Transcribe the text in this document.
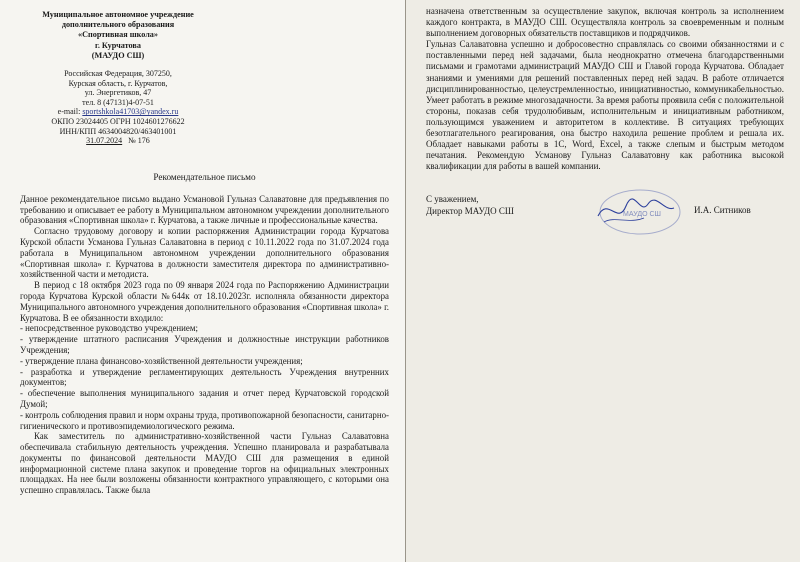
Муниципальное автономное учреждение
дополнительного образования
«Спортивная школа»
г. Курчатова
(МАУДО СШ)
Российская Федерация, 307250,
Курская область, г. Курчатов,
ул. Энергетиков, 47
тел. 8 (47131)4-07-51
e-mail: sportshkola41703@yandex.ru
ОКПО 23024405 ОГРН 1024601276622
ИНН/КПП 4634004820/463401001
31.07.2024 № 176
Рекомендательное письмо

Данное рекомендательное письмо выдано Усмановой Гульназ Салаватовне для предъявления по требованию и описывает ее работу в Муниципальном автономном учреждении дополнительного образования «Спортивная школа» г. Курчатова, а также личные и профессиональные качества.

Согласно трудовому договору и копии распоряжения Администрации города Курчатова Курской области Усманова Гульназ Салаватовна в период с 10.11.2022 года по 31.07.2024 года работала в Муниципальном автономном учреждении дополнительного образования «Спортивная школа» г. Курчатова в должности заместителя директора по административно-хозяйственной части и методиста.

В период с 18 октября 2023 года по 09 января 2024 года по Распоряжению Администрации города Курчатова Курской области №644к от 18.10.2023г. исполняла обязанности директора Муниципального автономного учреждения дополнительного образования «Спортивная школа» г. Курчатова. В ее обязанности входило:

- непосредственное руководство учреждением;

- утверждение штатного расписания Учреждения и должностные инструкции работников Учреждения;

- утверждение плана финансово-хозяйственной деятельности учреждения;

- разработка и утверждение регламентирующих деятельность Учреждения внутренних документов;

- обеспечение выполнения муниципального задания и отчет перед Курчатовской городской Думой;

- контроль соблюдения правил и норм охраны труда, противопожарной безопасности, санитарно-гигиенического и противоэпидемиологического режима.

Как заместитель по административно-хозяйственной части Гульназ Салаватовна обеспечивала стабильную деятельность учреждения. Успешно планировала и разрабатывала документы по финансовой деятельности МАУДО СШ для размещения в единой информационной системе плана закупок и проведение торгов на официальных электронных площадках. На нее были возложены обязанности контрактного управляющего, с которыми она успешно справлялась. Также была

назначена ответственным за осуществление закупок, включая контроль за исполнением каждого контракта, в МАУДО СШ. Осуществляла контроль за своевременным и полным выполнением договорных обязательств поставщиков и подрядчиков.

Гульназ Салаватовна успешно и добросовестно справлялась со своими обязанностями и с поставленными перед ней задачами, была неоднократно отмечена благодарственными письмами и грамотами администраций МАУДО СШ и Главой города Курчатова. Обладает знаниями и умениями для решений поставленных перед ней задач. В работе отличается дисциплинированностью, целеустремленностью, инициативностью, коммуникабельностью. Умеет работать в режиме многозадачности. За время работы проявила себя с положительной стороны, показав себя трудолюбивым, исполнительным и инициативным работником, пользующимся уважением и авторитетом в коллективе. В ситуациях требующих безотлагательного реагирования, она быстро находила решение проблем и решала их. Обладает навыками работы в 1С, Word, Excel, а также слепым и быстрым методом печатания. Рекомендую Усманову Гульназ Салаватовну как работника высокой квалификации для работы в вашей компании.

С уважением,
Директор МАУДО СШ	И.А. Ситников
МАУДО СШ
